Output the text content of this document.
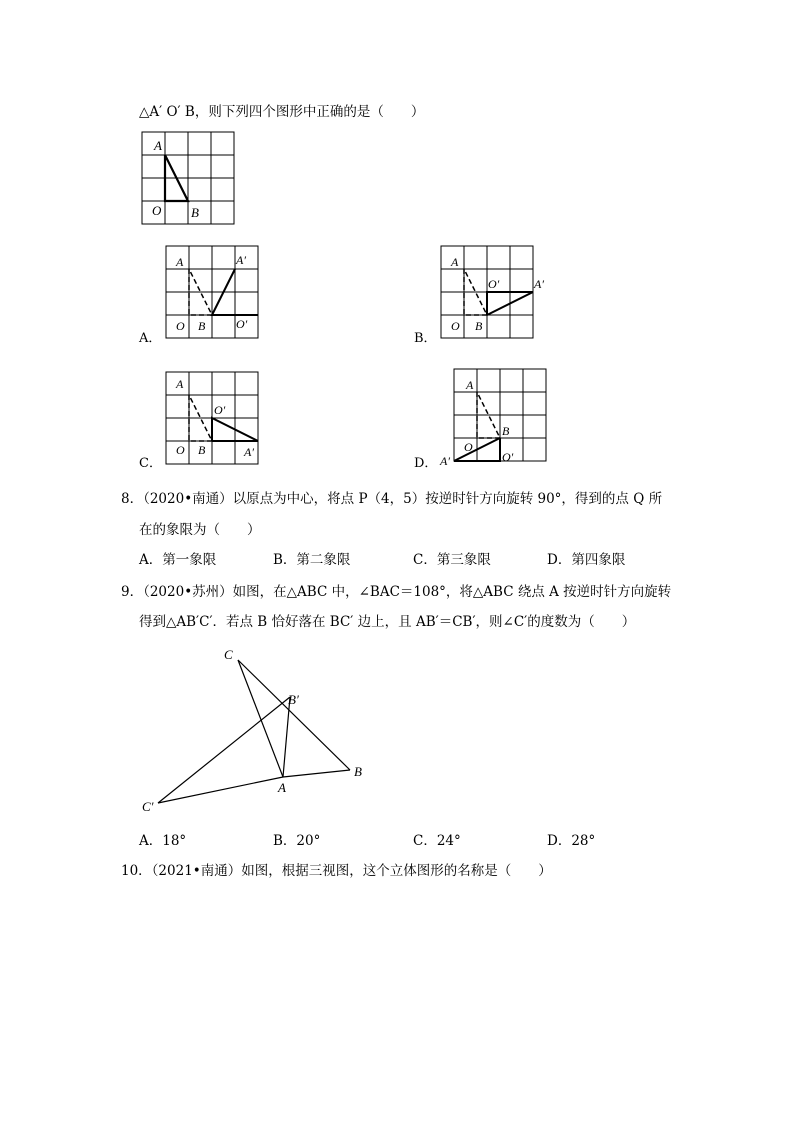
△A′ O′ B，则下列四个图形中正确的是（　　）
A
O B
A	A′
O B	O′
A．
A
O′	A′
O B
B．
A
O′
O B	A′
C．
A
B
O
A′	O′
D．
8．（2020•南通）以原点为中心，将点 P（4，5）按逆时针方向旋转 90°，得到的点 Q 所
在的象限为（　　）
A．第一象限	B．第二象限	C．第三象限	D．第四象限
9．（2020•苏州）如图，在△ABC 中，∠BAC＝108°，将△ABC 绕点 A 按逆时针方向旋转
得到△AB′C′．若点 B 恰好落在 BC′ 边上，且 AB′＝CB′，则∠C′的度数为（　　）
C
B′
B
A
C′
A．18°	B．20°	C．24°	D．28°
10．（2021•南通）如图，根据三视图，这个立体图形的名称是（　　）
